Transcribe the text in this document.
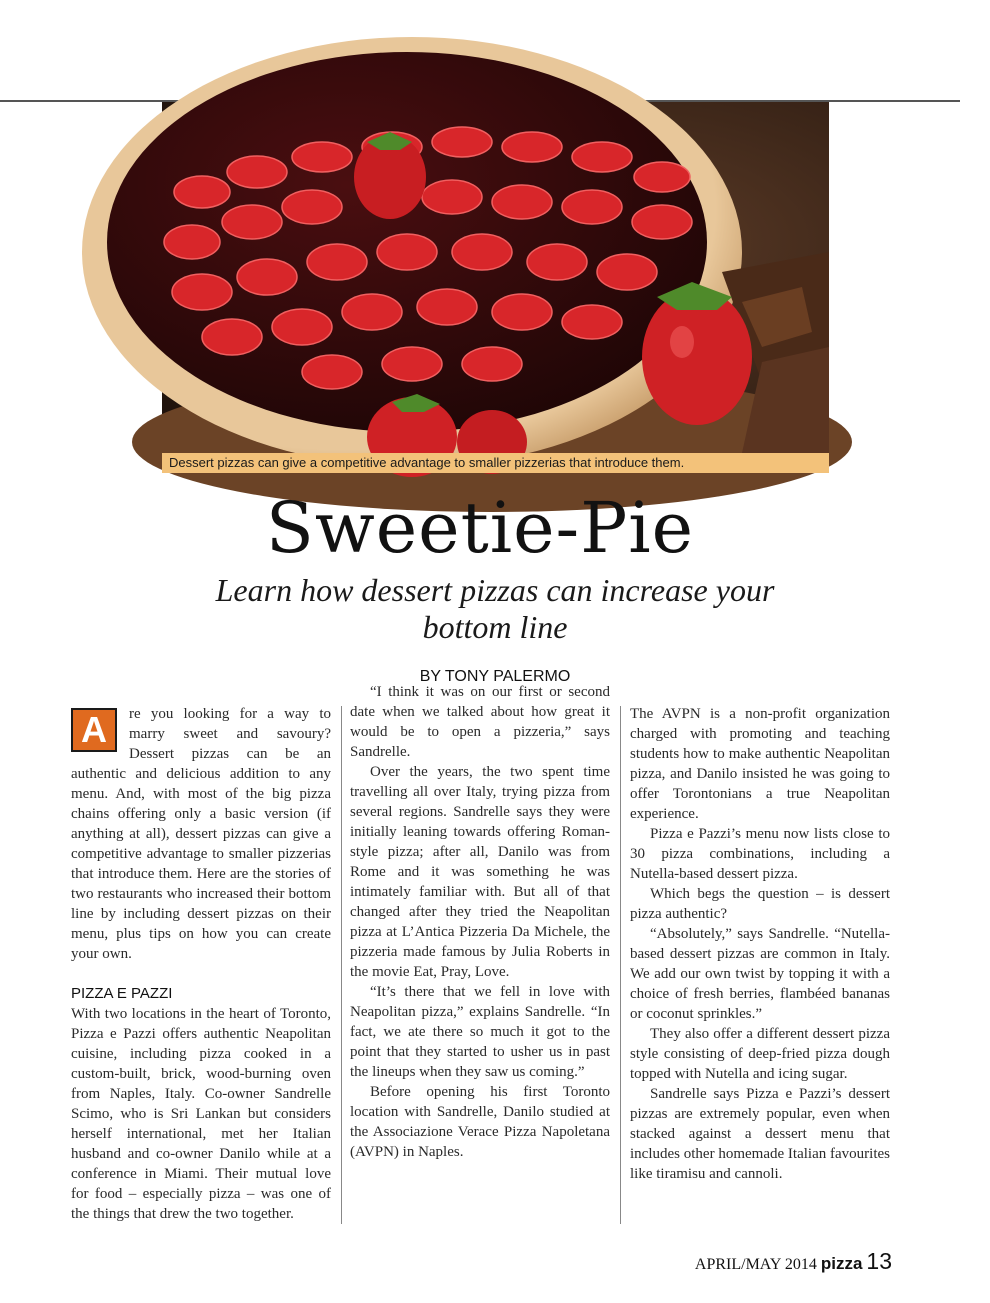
Dessert pizzas can give a competitive advantage to smaller pizzerias that introduce them.
Sweetie-Pie
Learn how dessert pizzas can increase your bottom line
BY TONY PALERMO

A	re you looking for a way to marry sweet and savoury? Dessert pizzas can be an authentic and delicious addition to any menu. And, with most of the big pizza chains offering only a basic version (if anything at all), dessert pizzas can give a competitive advantage to smaller pizzerias that introduce them. Here are the stories of two restaurants who increased their bottom line by including dessert pizzas on their menu, plus tips on how you can create your own.

PIZZA E PAZZI

With two locations in the heart of Toronto, Pizza e Pazzi offers authentic Neapolitan cuisine, including pizza cooked in a custom-built, brick, wood-burning oven from Naples, Italy. Co-owner Sandrelle Scimo, who is Sri Lankan but considers herself international, met her Italian husband and co-owner Danilo while at a conference in Miami. Their mutual love for food – especially pizza – was one of the things that drew the two together.

“I think it was on our first or second date when we talked about how great it would be to open a pizzeria,” says Sandrelle.

Over the years, the two spent time travelling all over Italy, trying pizza from several regions. Sandrelle says they were initially leaning towards offering Roman-style pizza; after all, Danilo was from Rome and it was something he was intimately familiar with. But all of that changed after they tried the Neapolitan pizza at L’Antica Pizzeria Da Michele, the pizzeria made famous by Julia Roberts in the movie Eat, Pray, Love.

“It’s there that we fell in love with Neapolitan pizza,” explains Sandrelle. “In fact, we ate there so much it got to the point that they started to usher us in past the lineups when they saw us coming.”

Before opening his first Toronto location with Sandrelle, Danilo studied at the Associazione Verace Pizza Napoletana (AVPN) in Naples.

The AVPN is a non-profit organization charged with promoting and teaching students how to make authentic Neapolitan pizza, and Danilo insisted he was going to offer Torontonians a true Neapolitan experience.

Pizza e Pazzi’s menu now lists close to 30 pizza combinations, including a Nutella-based dessert pizza.

Which begs the question – is dessert pizza authentic?

“Absolutely,” says Sandrelle. “Nutella-based dessert pizzas are common in Italy. We add our own twist by topping it with a choice of fresh berries, flambéed bananas or coconut sprinkles.”

They also offer a different dessert pizza style consisting of deep-fried pizza dough topped with Nutella and icing sugar.

Sandrelle says Pizza e Pazzi’s dessert pizzas are extremely popular, even when stacked against a dessert menu that includes other homemade Italian favourites like tiramisu and cannoli.

APRIL/MAY 2014 pizza 13
